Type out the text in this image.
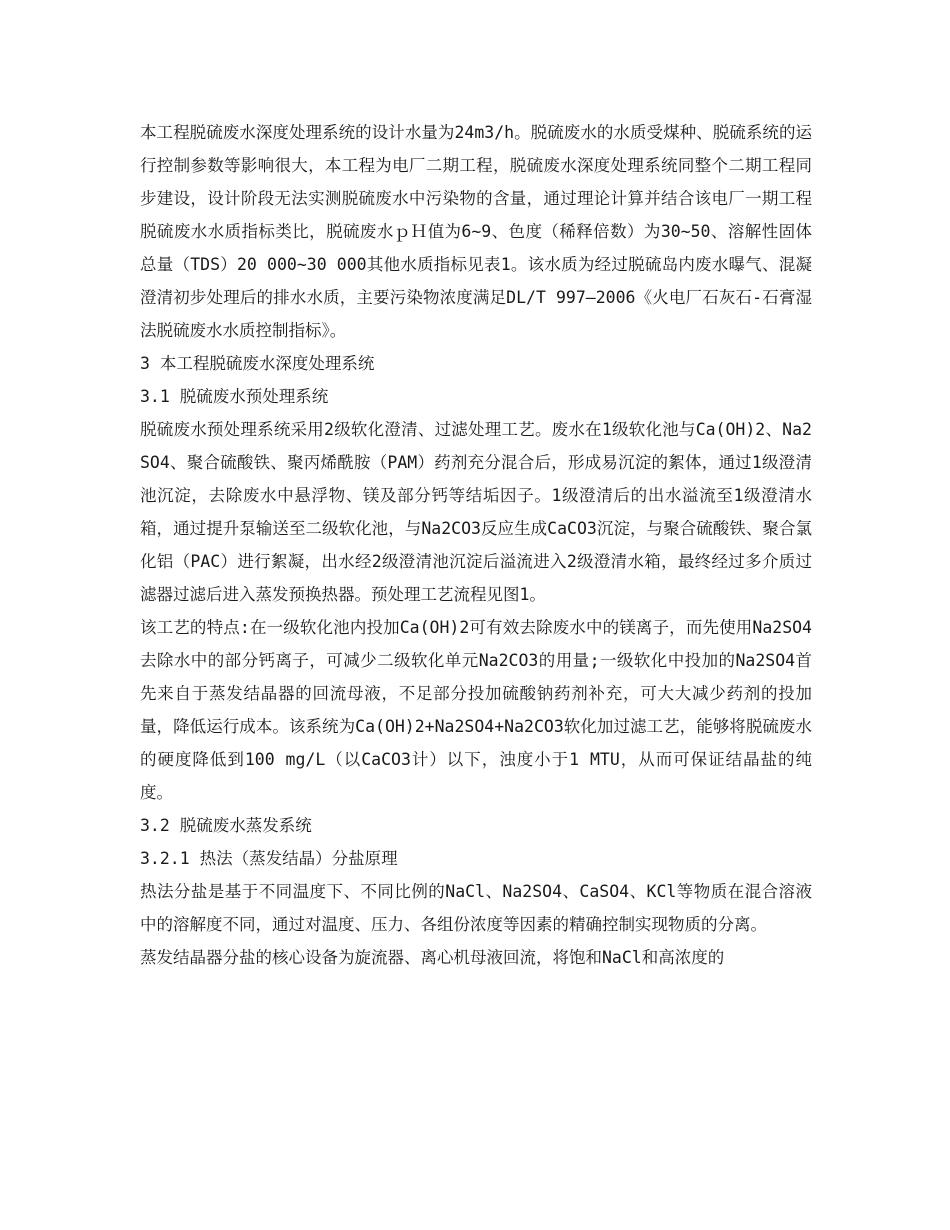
本工程脱硫废水深度处理系统的设计水量为24m3/h。脱硫废水的水质受煤种、脱硫系统的运行控制参数等影响很大，本工程为电厂二期工程，脱硫废水深度处理系统同整个二期工程同步建设，设计阶段无法实测脱硫废水中污染物的含量，通过理论计算并结合该电厂一期工程脱硫废水水质指标类比，脱硫废水ｐＨ值为6~9、色度（稀释倍数）为30~50、溶解性固体总量（TDS）20 000~30 000其他水质指标见表1。该水质为经过脱硫岛内废水曝气、混凝澄清初步处理后的排水水质，主要污染物浓度满足DL/T 997—2006《火电厂石灰石-石膏湿法脱硫废水水质控制指标》。

3 本工程脱硫废水深度处理系统

3.1 脱硫废水预处理系统

脱硫废水预处理系统采用2级软化澄清、过滤处理工艺。废水在1级软化池与Ca(OH)2、Na2SO4、聚合硫酸铁、聚丙烯酰胺（PAM）药剂充分混合后，形成易沉淀的絮体，通过1级澄清池沉淀，去除废水中悬浮物、镁及部分钙等结垢因子。1级澄清后的出水溢流至1级澄清水箱，通过提升泵输送至二级软化池，与Na2CO3反应生成CaCO3沉淀，与聚合硫酸铁、聚合氯化铝（PAC）进行絮凝，出水经2级澄清池沉淀后溢流进入2级澄清水箱，最终经过多介质过滤器过滤后进入蒸发预换热器。预处理工艺流程见图1。

该工艺的特点:在一级软化池内投加Ca(OH)2可有效去除废水中的镁离子，而先使用Na2SO4去除水中的部分钙离子，可减少二级软化单元Na2CO3的用量;一级软化中投加的Na2SO4首先来自于蒸发结晶器的回流母液，不足部分投加硫酸钠药剂补充，可大大减少药剂的投加量，降低运行成本。该系统为Ca(OH)2+Na2SO4+Na2CO3软化加过滤工艺，能够将脱硫废水的硬度降低到100 mg/L（以CaCO3计）以下，浊度小于1 MTU，从而可保证结晶盐的纯度。

3.2 脱硫废水蒸发系统

3.2.1 热法（蒸发结晶）分盐原理

热法分盐是基于不同温度下、不同比例的NaCl、Na2SO4、CaSO4、KCl等物质在混合溶液中的溶解度不同，通过对温度、压力、各组份浓度等因素的精确控制实现物质的分离。

蒸发结晶器分盐的核心设备为旋流器、离心机母液回流，将饱和NaCl和高浓度的
